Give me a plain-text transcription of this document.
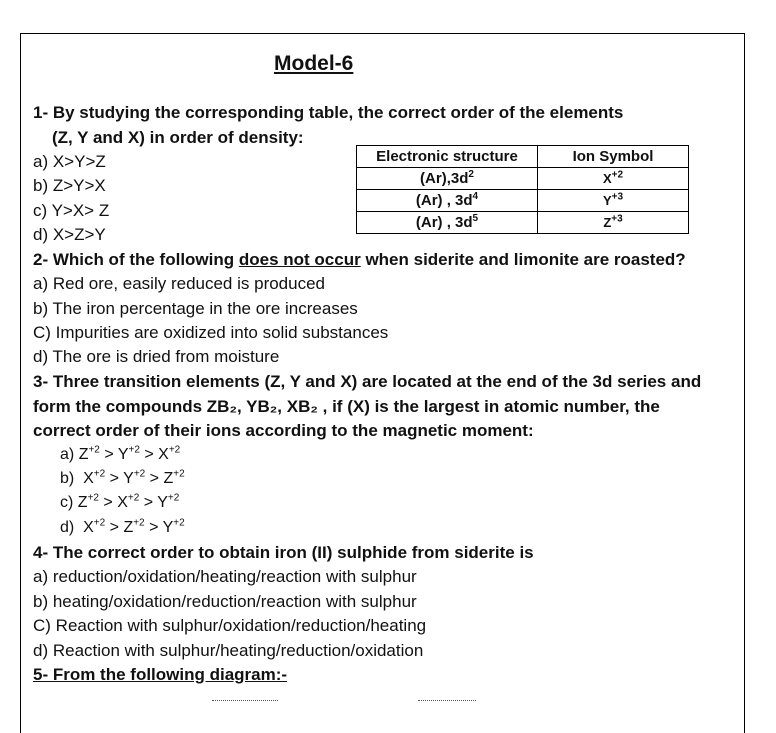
Model-6
1- By studying the corresponding table, the correct order of the elements
(Z, Y and X) in order of density:
a) X>Y>Z
b) Z>Y>X
c) Y>X> Z
d) X>Z>Y
Electronic structure	Ion Symbol
$(Ar),3d^2$	$X^{+2}$
(Ar) , $3d^4$	$Y^{+3}$
(Ar) , $3d^5$	$Z^{+3}$
2- Which of the following does not occur when siderite and limonite are roasted?
a) Red ore, easily reduced is produced
b) The iron percentage in the ore increases
C) Impurities are oxidized into solid substances
d) The ore is dried from moisture
3- Three transition elements (Z, Y and X) are located at the end of the 3d series and
form the compounds ZB₂, YB₂, XB₂ , if (X) is the largest in atomic number, the
correct order of their ions according to the magnetic moment:
a) $Z^{+2} > Y^{+2} > X^{+2}$
b) $X^{+2} > Y^{+2} > Z^{+2}$
c) $Z^{+2} > X^{+2} > Y^{+2}$
d) $X^{+2} > Z^{+2} > Y^{+2}$
4- The correct order to obtain iron (II) sulphide from siderite is
a) reduction/oxidation/heating/reaction with sulphur
b) heating/oxidation/reduction/reaction with sulphur
C) Reaction with sulphur/oxidation/reduction/heating
d) Reaction with sulphur/heating/reduction/oxidation
5- From the following diagram:-
